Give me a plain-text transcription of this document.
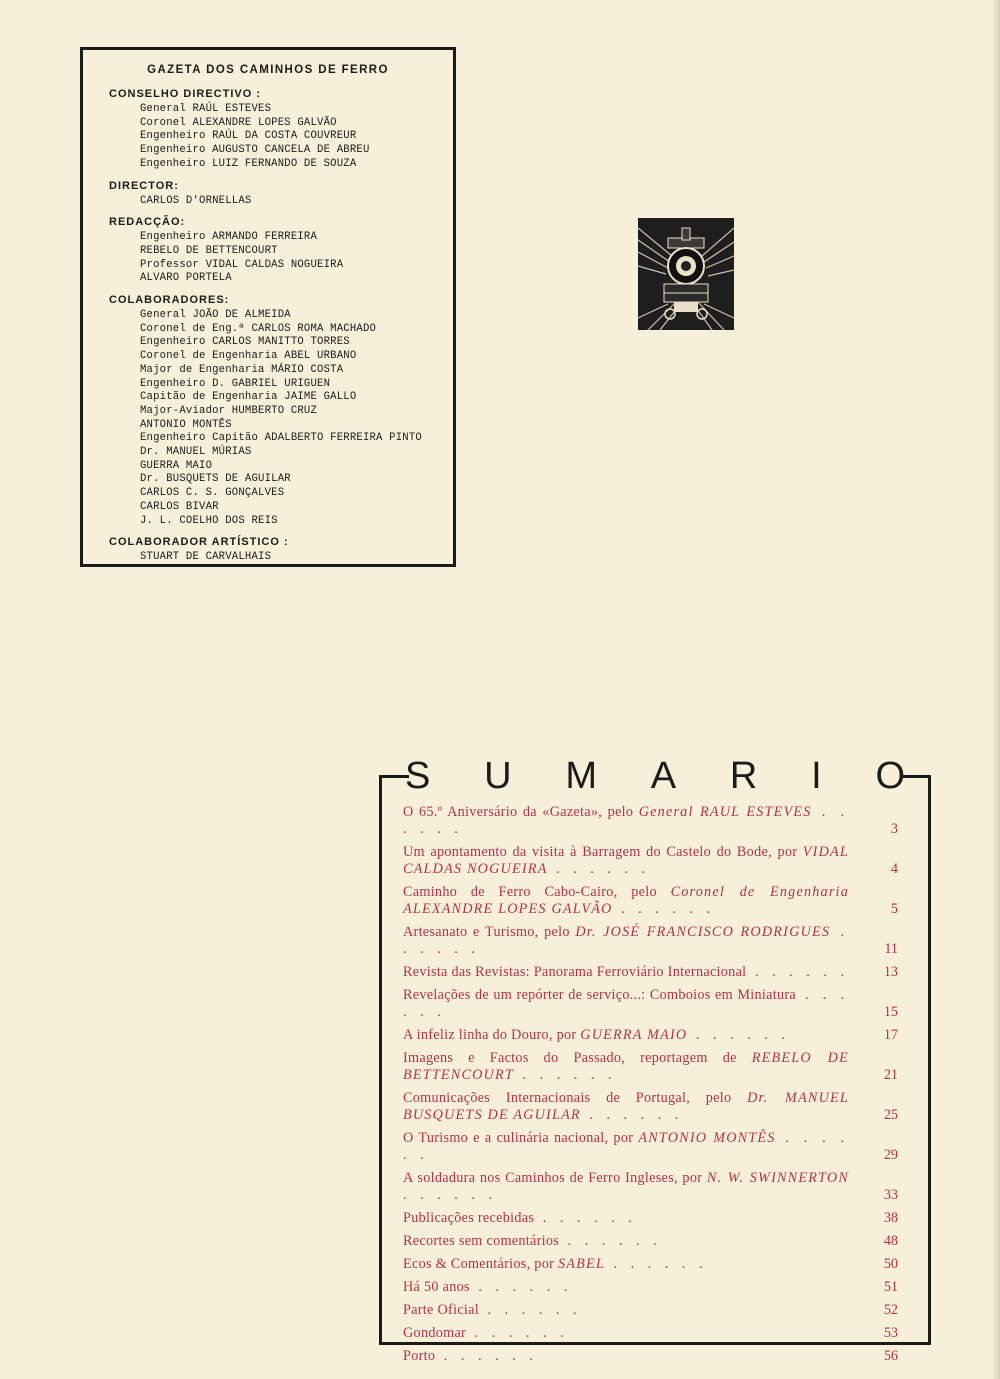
GAZETA DOS CAMINHOS DE FERRO
CONSELHO DIRECTIVO :
General RAÚL ESTEVES
Coronel ALEXANDRE LOPES GALVÃO
Engenheiro RAÚL DA COSTA COUVREUR
Engenheiro AUGUSTO CANCELA DE ABREU
Engenheiro LUIZ FERNANDO DE SOUZA
DIRECTOR:
CARLOS D'ORNELLAS
REDACÇÃO:
Engenheiro ARMANDO FERREIRA
REBELO DE BETTENCOURT
Professor VIDAL CALDAS NOGUEIRA
ALVARO PORTELA
COLABORADORES:
General JOÃO DE ALMEIDA
Coronel de Eng.ª CARLOS ROMA MACHADO
Engenheiro CARLOS MANITTO TORRES
Coronel de Engenharia ABEL URBANO
Major de Engenharia MÁRIO COSTA
Engenheiro D. GABRIEL URIGUEN
Capitão de Engenharia JAIME GALLO
Major-Aviador HUMBERTO CRUZ
ANTONIO MONTÊS
Engenheiro Capitão ADALBERTO FERREIRA PINTO
Dr. MANUEL MÚRIAS
GUERRA MAIO
Dr. BUSQUETS DE AGUILAR
CARLOS C. S. GONÇALVES
CARLOS BIVAR
J. L. COELHO DOS REIS
COLABORADOR ARTÍSTICO :
STUART DE CARVALHAIS
S U M A R I O
O 65.º Aniversário da «Gazeta», pelo General RAUL ESTEVES . . . . . .	3
Um apontamento da visita à Barragem do Castelo do Bode, por VIDAL CALDAS NOGUEIRA . . . . . .	4
Caminho de Ferro Cabo-Cairo, pelo Coronel de Engenharia ALEXANDRE LOPES GALVÃO . . . . . .	5
Artesanato e Turismo, pelo Dr. JOSÉ FRANCISCO RODRIGUES . . . . . .	11
Revista das Revistas: Panorama Ferroviário Internacional . . . . . .	13
Revelações de um repórter de serviço...: Comboios em Miniatura . . . . . .	15
A infeliz linha do Douro, por GUERRA MAIO . . . . . .	17
Imagens e Factos do Passado, reportagem de REBELO DE BETTENCOURT . . . . . .	21
Comunicações Internacionais de Portugal, pelo Dr. MANUEL BUSQUETS DE AGUILAR . . . . . .	25
O Turismo e a culinária nacional, por ANTONIO MONTÊS . . . . . .	29
A soldadura nos Caminhos de Ferro Ingleses, por N. W. SWINNERTON . . . . . .	33
Publicações recebidas . . . . . .	38
Recortes sem comentários . . . . . .	48
Ecos & Comentários, por SABEL . . . . . .	50
Há 50 anos . . . . . .	51
Parte Oficial . . . . . .	52
Gondomar . . . . . .	53
Porto . . . . . .	56
